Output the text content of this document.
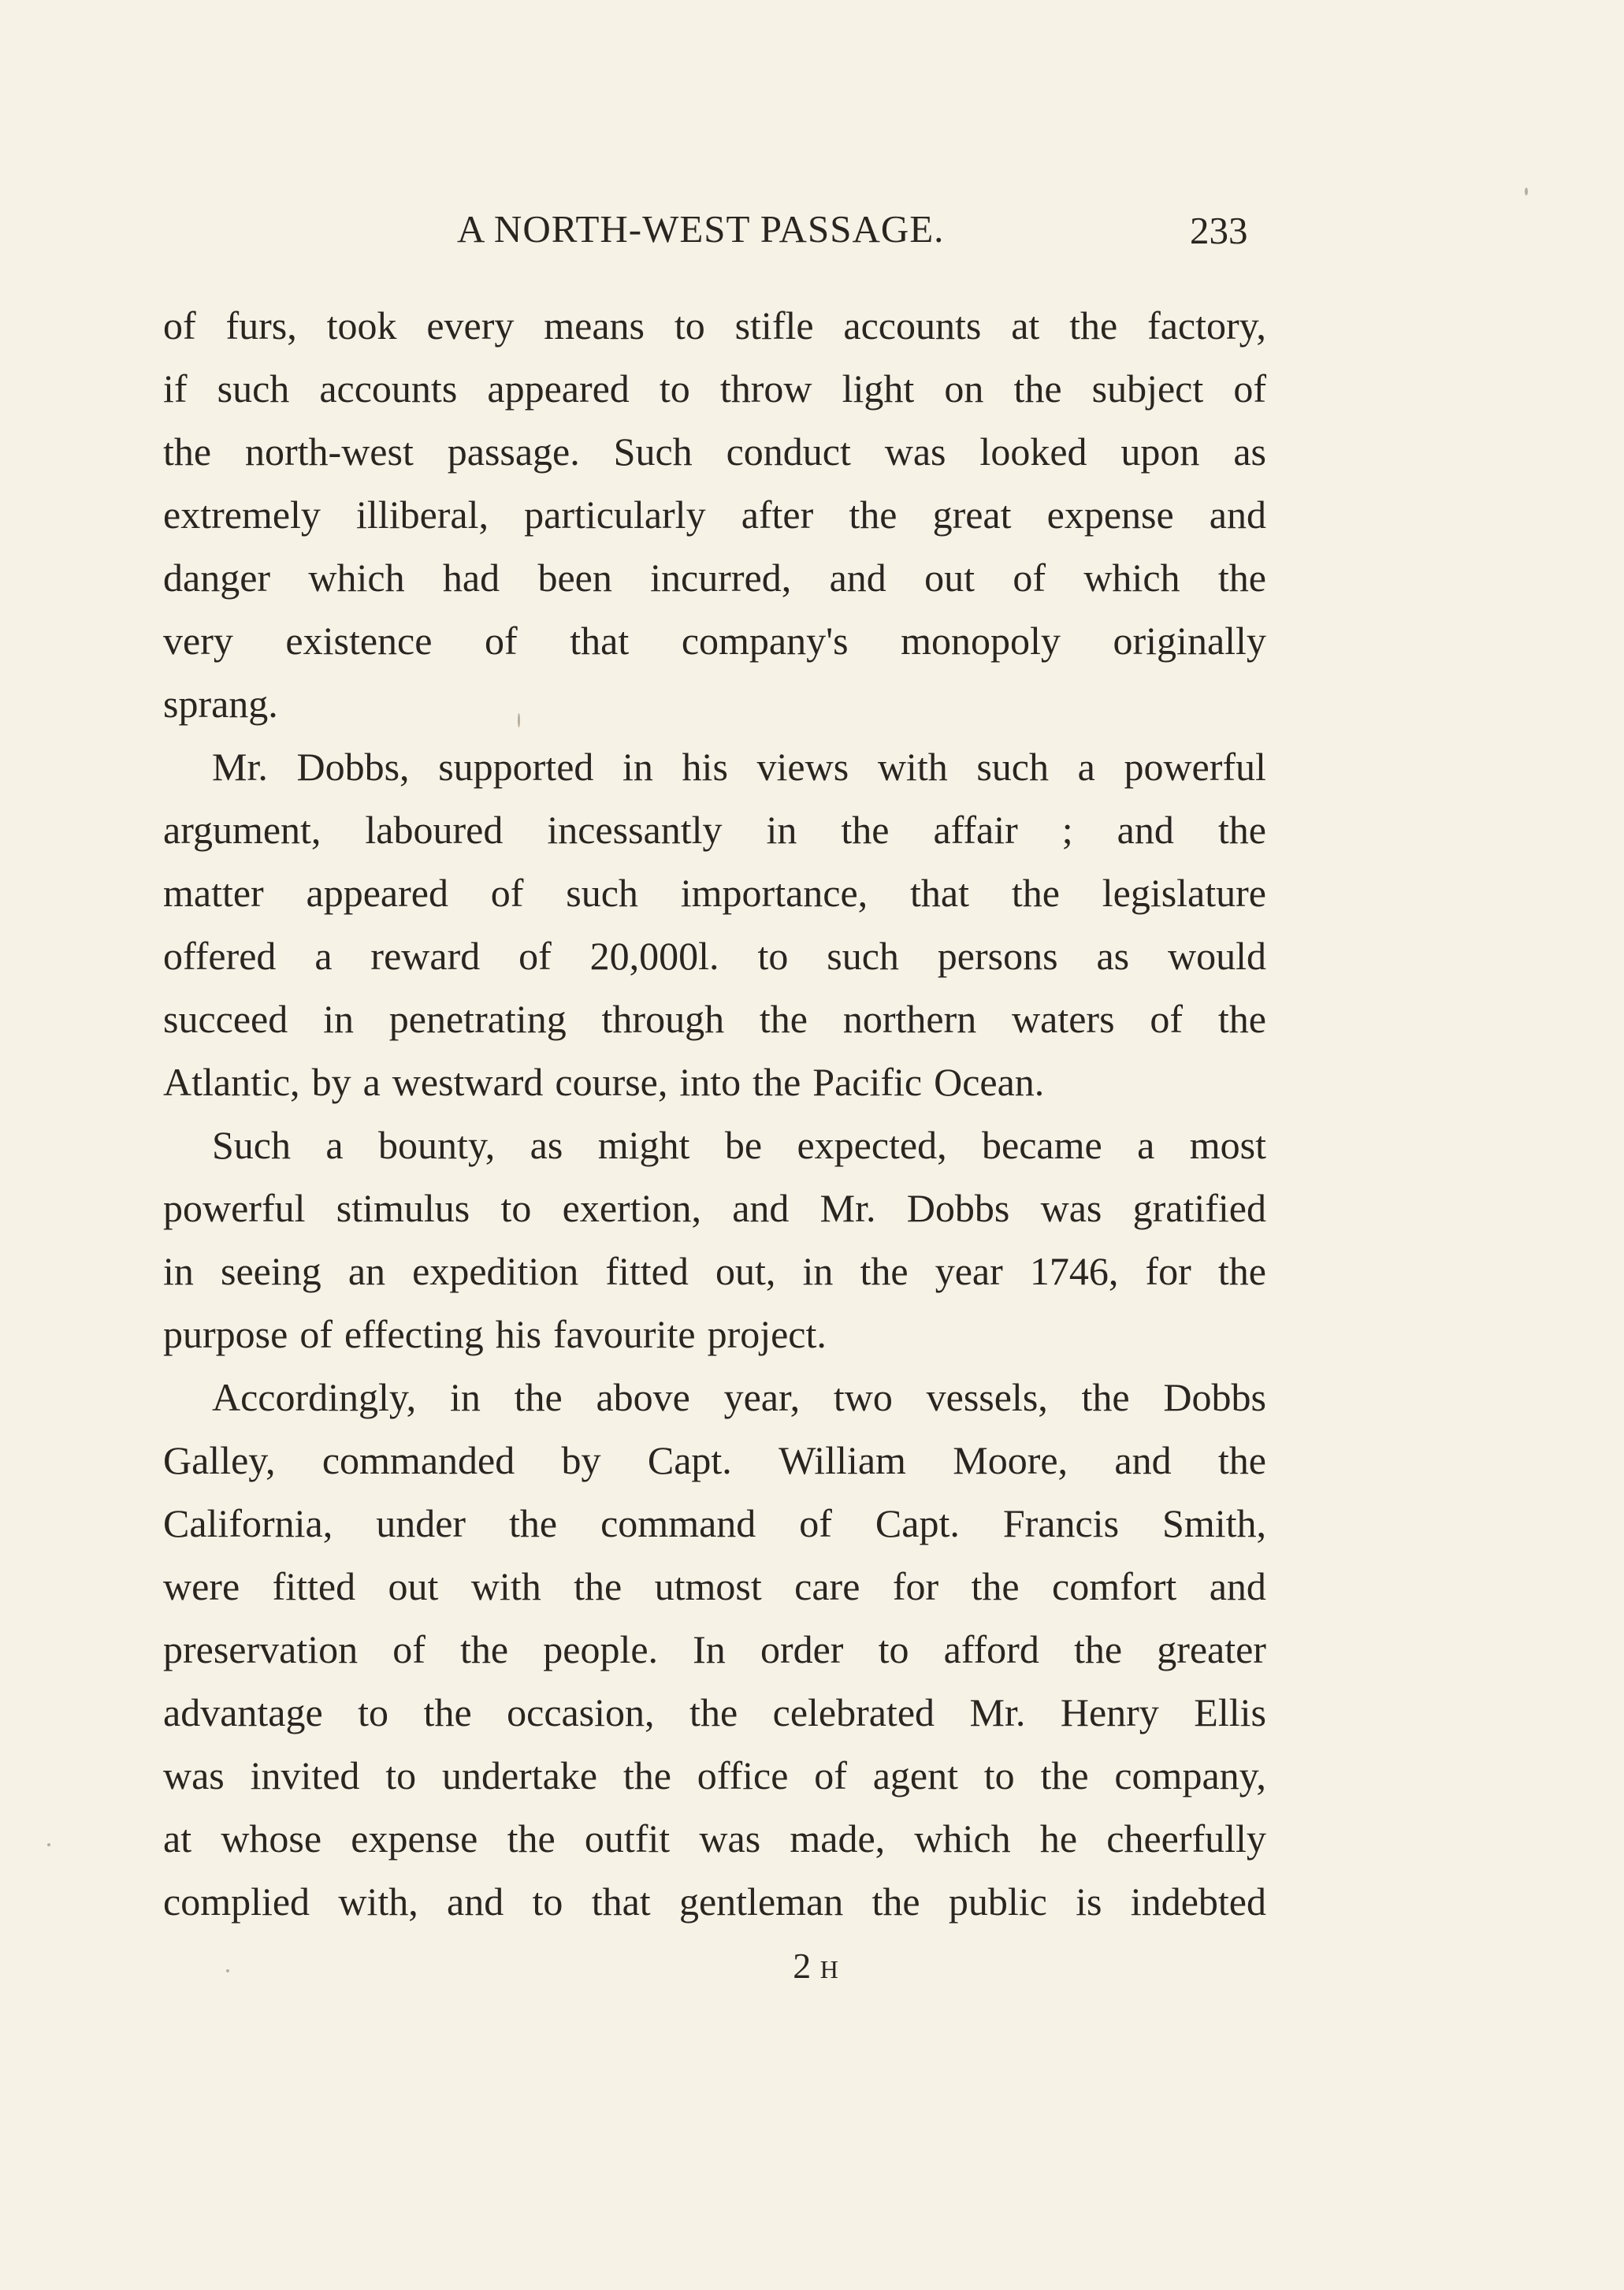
A NORTH-WEST PASSAGE.	233
of furs, took every means to stifle accounts at the factory,
if such accounts appeared to throw light on the subject of
the north-west passage. Such conduct was looked upon as
extremely illiberal, particularly after the great expense and
danger which had been incurred, and out of which the
very existence of that company's monopoly originally
sprang.
Mr. Dobbs, supported in his views with such a powerful
argument, laboured incessantly in the affair ; and the
matter appeared of such importance, that the legislature
offered a reward of 20,000l. to such persons as would
succeed in penetrating through the northern waters of the
Atlantic, by a westward course, into the Pacific Ocean.
Such a bounty, as might be expected, became a most
powerful stimulus to exertion, and Mr. Dobbs was gratified
in seeing an expedition fitted out, in the year 1746, for the
purpose of effecting his favourite project.
Accordingly, in the above year, two vessels, the Dobbs
Galley, commanded by Capt. William Moore, and the
California, under the command of Capt. Francis Smith,
were fitted out with the utmost care for the comfort and
preservation of the people. In order to afford the greater
advantage to the occasion, the celebrated Mr. Henry Ellis
was invited to undertake the office of agent to the company,
at whose expense the outfit was made, which he cheerfully
complied with, and to that gentleman the public is indebted
2 H
